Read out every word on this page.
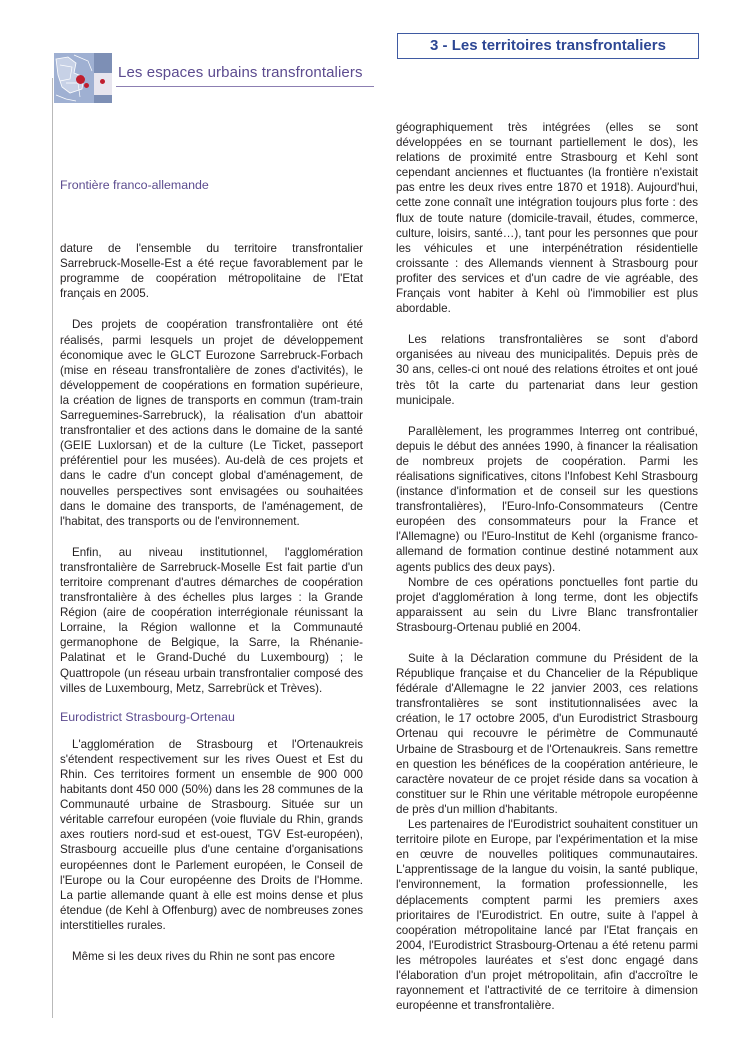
Les espaces urbains transfrontaliers
3 - Les territoires transfrontaliers

Frontière franco-allemande

dature de l'ensemble du territoire transfrontalier Sarrebruck-Moselle-Est a été reçue favorablement par le programme de coopération métropolitaine de l'Etat français en 2005.

Des projets de coopération transfrontalière ont été réalisés, parmi lesquels un projet de développement économique avec le GLCT Eurozone Sarrebruck-Forbach (mise en réseau transfrontalière de zones d'activités), le développement de coopérations en formation supérieure, la création de lignes de transports en commun (tram-train Sarreguemines-Sarrebruck), la réalisation d'un abattoir transfrontalier et des actions dans le domaine de la santé (GEIE Luxlorsan) et de la culture (Le Ticket, passeport préférentiel pour les musées). Au-delà de ces projets et dans le cadre d'un concept global d'aménagement, de nouvelles perspectives sont envisagées ou souhaitées dans le domaine des transports, de l'aménagement, de l'habitat, des transports ou de l'environnement.

Enfin, au niveau institutionnel, l'agglomération transfrontalière de Sarrebruck-Moselle Est fait partie d'un territoire comprenant d'autres démarches de coopération transfrontalière à des échelles plus larges : la Grande Région (aire de coopération interrégionale réunissant la Lorraine, la Région wallonne et la Communauté germanophone de Belgique, la Sarre, la Rhénanie-Palatinat et le Grand-Duché du Luxembourg) ; le Quattropole (un réseau urbain transfrontalier composé des villes de Luxembourg, Metz, Sarrebrück et Trèves).

Eurodistrict Strasbourg-Ortenau

L'agglomération de Strasbourg et l'Ortenaukreis s'étendent respectivement sur les rives Ouest et Est du Rhin. Ces territoires forment un ensemble de 900 000 habitants dont 450 000 (50%) dans les 28 communes de la Communauté urbaine de Strasbourg. Située sur un véritable carrefour européen (voie fluviale du Rhin, grands axes routiers nord-sud et est-ouest, TGV Est-européen), Strasbourg accueille plus d'une centaine d'organisations européennes dont le Parlement européen, le Conseil de l'Europe ou la Cour européenne des Droits de l'Homme. La partie allemande quant à elle est moins dense et plus étendue (de Kehl à Offenburg) avec de nombreuses zones interstitielles rurales.

Même si les deux rives du Rhin ne sont pas encore

géographiquement très intégrées (elles se sont développées en se tournant partiellement le dos), les relations de proximité entre Strasbourg et Kehl sont cependant anciennes et fluctuantes (la frontière n'existait pas entre les deux rives entre 1870 et 1918). Aujourd'hui, cette zone connaît une intégration toujours plus forte : des flux de toute nature (domicile-travail, études, commerce, culture, loisirs, santé…), tant pour les personnes que pour les véhicules et une interpénétration résidentielle croissante : des Allemands viennent à Strasbourg pour profiter des services et d'un cadre de vie agréable, des Français vont habiter à Kehl où l'immobilier est plus abordable.

Les relations transfrontalières se sont d'abord organisées au niveau des municipalités. Depuis près de 30 ans, celles-ci ont noué des relations étroites et ont joué très tôt la carte du partenariat dans leur gestion municipale.

Parallèlement, les programmes Interreg ont contribué, depuis le début des années 1990, à financer la réalisation de nombreux projets de coopération. Parmi les réalisations significatives, citons l'Infobest Kehl Strasbourg (instance d'information et de conseil sur les questions transfrontalières), l'Euro-Info-Consommateurs (Centre européen des consommateurs pour la France et l'Allemagne) ou l'Euro-Institut de Kehl (organisme franco-allemand de formation continue destiné notamment aux agents publics des deux pays).

Nombre de ces opérations ponctuelles font partie du projet d'agglomération à long terme, dont les objectifs apparaissent au sein du Livre Blanc transfrontalier Strasbourg-Ortenau publié en 2004.

Suite à la Déclaration commune du Président de la République française et du Chancelier de la République fédérale d'Allemagne le 22 janvier 2003, ces relations transfrontalières se sont institutionnalisées avec la création, le 17 octobre 2005, d'un Eurodistrict Strasbourg Ortenau qui recouvre le périmètre de Communauté Urbaine de Strasbourg et de l'Ortenaukreis. Sans remettre en question les bénéfices de la coopération antérieure, le caractère novateur de ce projet réside dans sa vocation à constituer sur le Rhin une véritable métropole européenne de près d'un million d'habitants.

Les partenaires de l'Eurodistrict souhaitent constituer un territoire pilote en Europe, par l'expérimentation et la mise en œuvre de nouvelles politiques communautaires. L'apprentissage de la langue du voisin, la santé publique, l'environnement, la formation professionnelle, les déplacements comptent parmi les premiers axes prioritaires de l'Eurodistrict. En outre, suite à l'appel à coopération métropolitaine lancé par l'Etat français en 2004, l'Eurodistrict Strasbourg-Ortenau a été retenu parmi les métropoles lauréates et s'est donc engagé dans l'élaboration d'un projet métropolitain, afin d'accroître le rayonnement et l'attractivité de ce territoire à dimension européenne et transfrontalière.
